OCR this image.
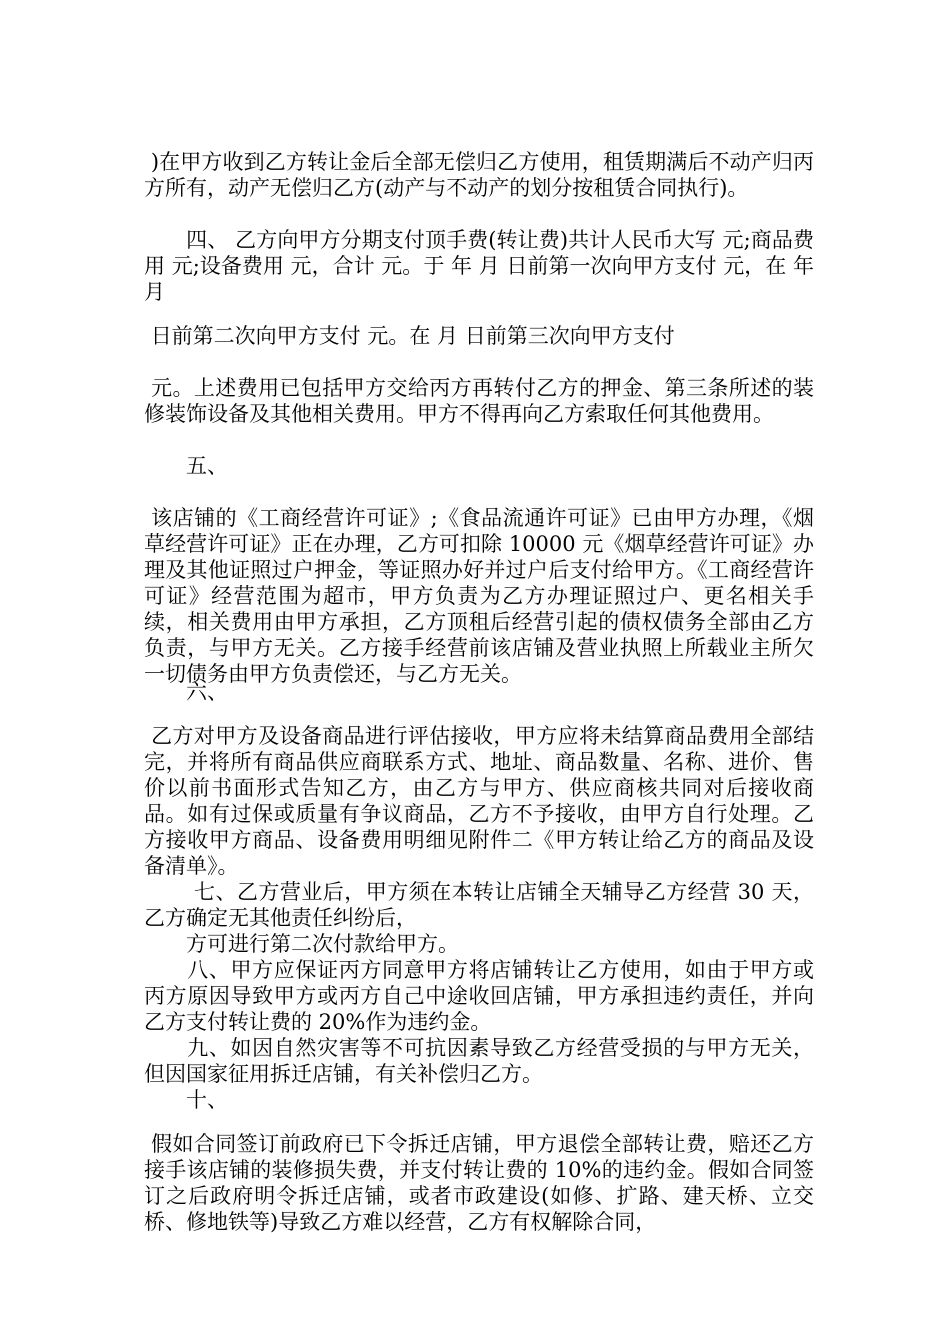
)在甲方收到乙方转让金后全部无偿归乙方使用，租赁期满后不动产归丙方所有，动产无偿归乙方(动产与不动产的划分按租赁合同执行)。

　　四、 乙方向甲方分期支付顶手费(转让费)共计人民币大写 元;商品费用 元;设备费用 元，合计 元。于 年 月 日前第一次向甲方支付 元，在 年 月

日前第二次向甲方支付 元。在 月 日前第三次向甲方支付

元。上述费用已包括甲方交给丙方再转付乙方的押金、第三条所述的装修装饰设备及其他相关费用。甲方不得再向乙方索取任何其他费用。

　　五、

该店铺的《工商经营许可证》;《食品流通许可证》已由甲方办理，《烟草经营许可证》正在办理，乙方可扣除 10000 元《烟草经营许可证》办理及其他证照过户押金，等证照办好并过户后支付给甲方。《工商经营许可证》经营范围为超市，甲方负责为乙方办理证照过户、更名相关手续，相关费用由甲方承担，乙方顶租后经营引起的债权债务全部由乙方负责，与甲方无关。乙方接手经营前该店铺及营业执照上所载业主所欠一切债务由甲方负责偿还，与乙方无关。

　　六、

乙方对甲方及设备商品进行评估接收，甲方应将未结算商品费用全部结完，并将所有商品供应商联系方式、地址、商品数量、名称、进价、售价以前书面形式告知乙方，由乙方与甲方、供应商核共同对后接收商品。如有过保或质量有争议商品，乙方不予接收，由甲方自行处理。乙方接收甲方商品、设备费用明细见附件二《甲方转让给乙方的商品及设备清单》。

　　 七、乙方营业后，甲方须在本转让店铺全天辅导乙方经营 30 天，乙方确定无其他责任纠纷后，

　　方可进行第二次付款给甲方。

　　八、甲方应保证丙方同意甲方将店铺转让乙方使用，如由于甲方或丙方原因导致甲方或丙方自己中途收回店铺，甲方承担违约责任，并向乙方支付转让费的 20%作为违约金。

　　九、如因自然灾害等不可抗因素导致乙方经营受损的与甲方无关，但因国家征用拆迁店铺，有关补偿归乙方。

　　十、

假如合同签订前政府已下令拆迁店铺，甲方退偿全部转让费，赔还乙方接手该店铺的装修损失费，并支付转让费的 10%的违约金。假如合同签订之后政府明令拆迁店铺，或者市政建设(如修、扩路、建天桥、立交桥、修地铁等)导致乙方难以经营，乙方有权解除合同，
